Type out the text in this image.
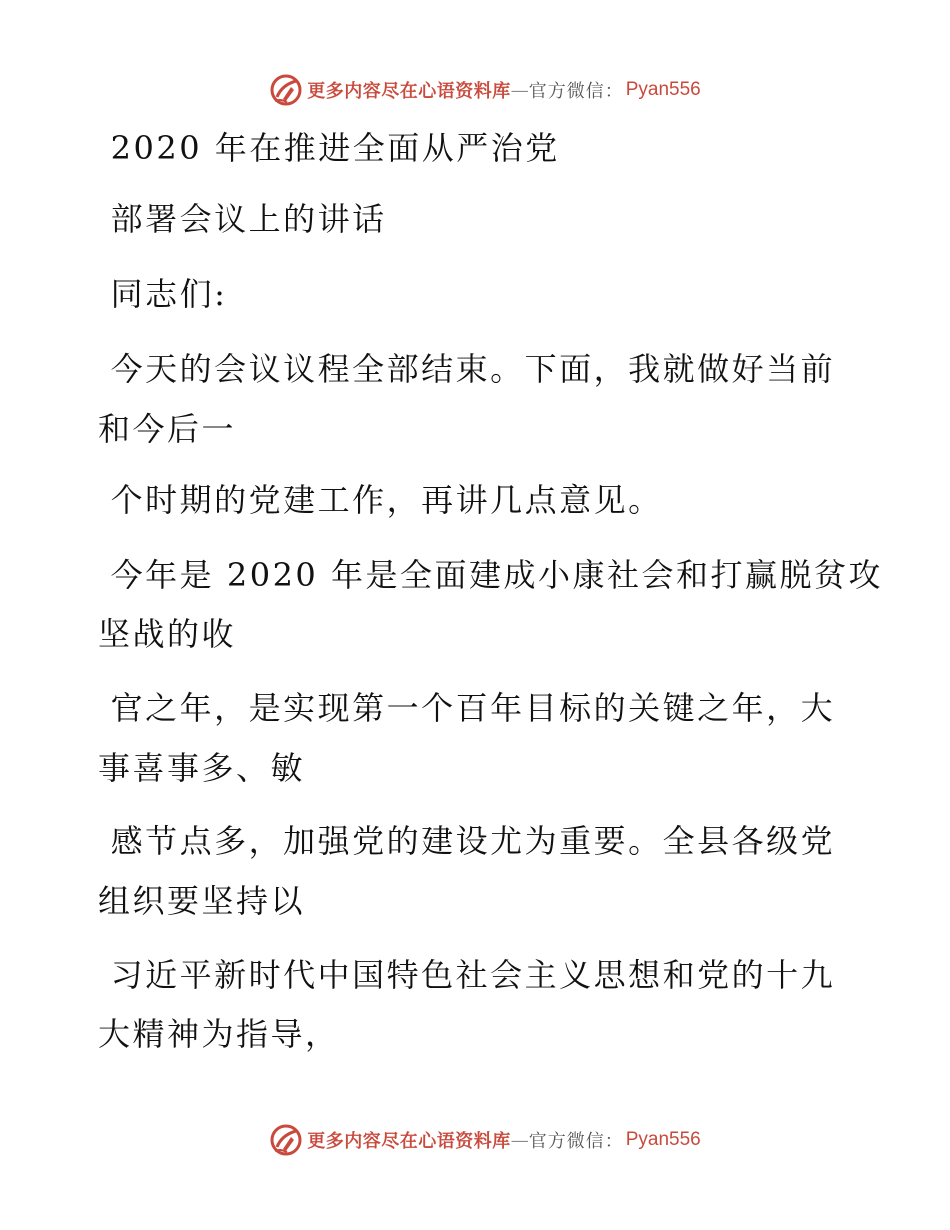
更多内容尽在心语资料库 — 官方微信： Pyan556
2020 年在推进全面从严治党
部署会议上的讲话
同志们:
今天的会议议程全部结束。下面，我就做好当前
和今后一
个时期的党建工作，再讲几点意见。
今年是 2020 年是全面建成小康社会和打赢脱贫攻
坚战的收
官之年，是实现第一个百年目标的关键之年，大
事喜事多、敏
感节点多，加强党的建设尤为重要。全县各级党
组织要坚持以
习近平新时代中国特色社会主义思想和党的十九
大精神为指导，
更多内容尽在心语资料库 — 官方微信： Pyan556
